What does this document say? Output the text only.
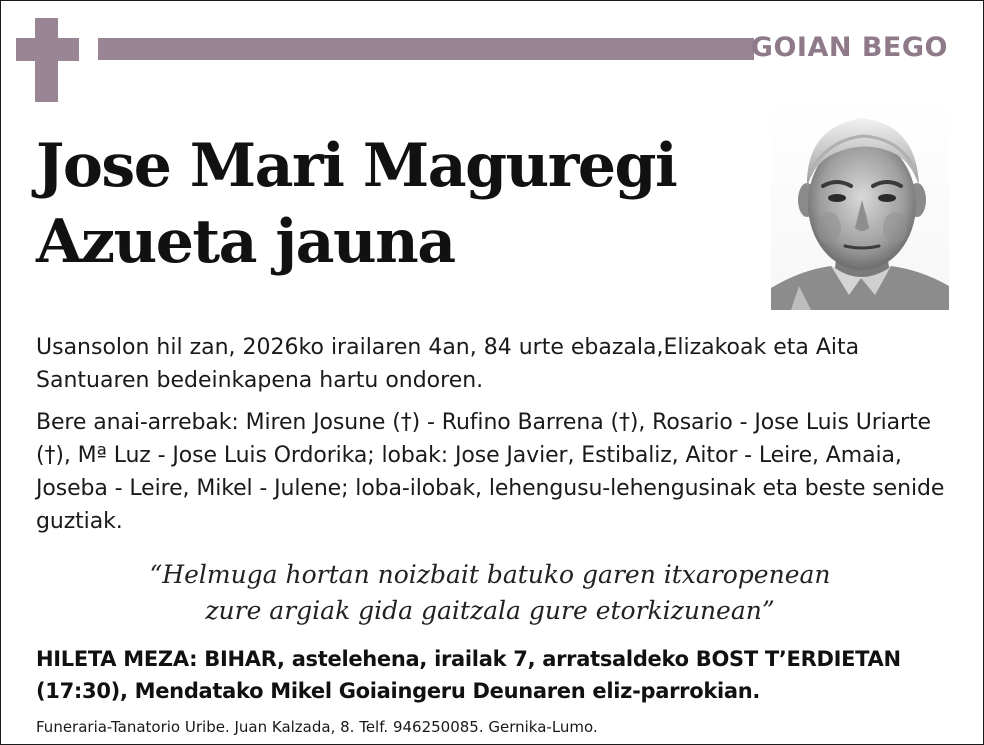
GOIAN BEGO
Jose Mari Maguregi
Azueta jauna

Usansolon hil zan, 2026ko irailaren 4an, 84 urte ebazala,Elizakoak eta Aita Santuaren bedeinkapena hartu ondoren.

Bere anai-arrebak: Miren Josune (†) - Rufino Barrena (†), Rosario - Jose Luis Uriarte (†), Mª Luz - Jose Luis Ordorika; lobak: Jose Javier, Estibaliz, Aitor - Leire, Amaia, Joseba - Leire, Mikel - Julene; loba-ilobak, lehengusu-lehengusinak eta beste senide guztiak.

“Helmuga hortan noizbait batuko garen itxaropenean
zure argiak gida gaitzala gure etorkizunean”

HILETA MEZA: BIHAR, astelehena, irailak 7, arratsaldeko BOST T’ERDIETAN
(17:30), Mendatako Mikel Goiaingeru Deunaren eliz-parrokian.

Funeraria-Tanatorio Uribe. Juan Kalzada, 8. Telf. 946250085. Gernika-Lumo.
